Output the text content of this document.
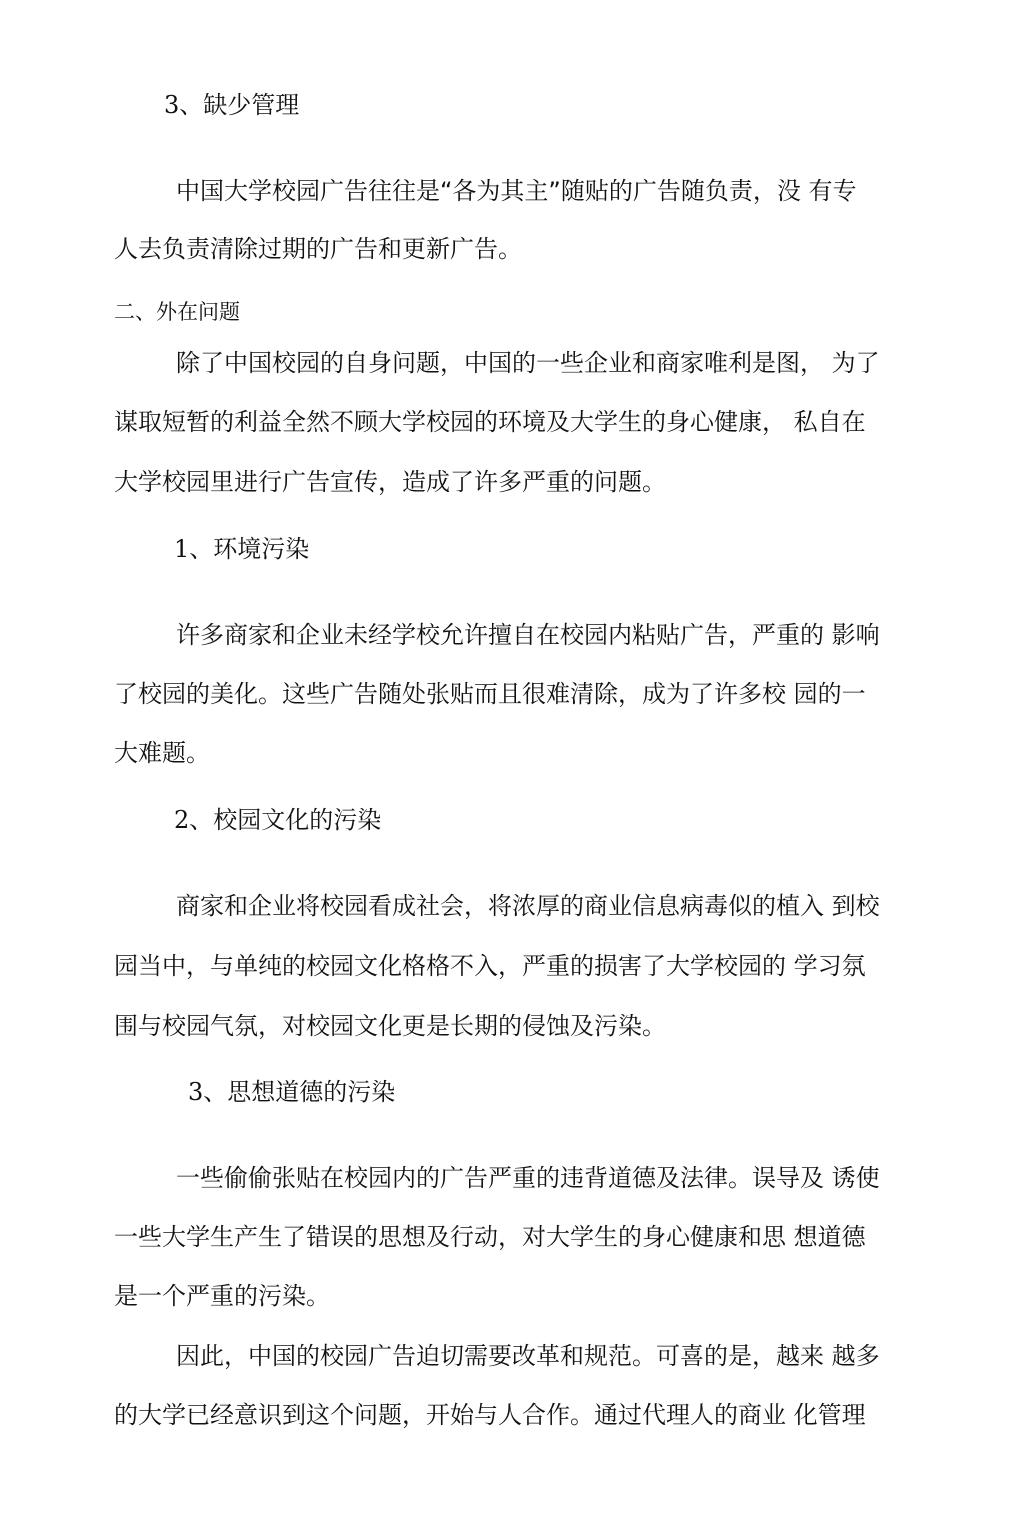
3、缺少管理

中国大学校园广告往往是“各为其主”随贴的广告随负责，没 有专

人去负责清除过期的广告和更新广告。

二、外在问题

除了中国校园的自身问题，中国的一些企业和商家唯利是图， 为了

谋取短暂的利益全然不顾大学校园的环境及大学生的身心健康， 私自在

大学校园里进行广告宣传，造成了许多严重的问题。

1、环境污染

许多商家和企业未经学校允许擅自在校园内粘贴广告，严重的 影响

了校园的美化。这些广告随处张贴而且很难清除，成为了许多校 园的一

大难题。

2、校园文化的污染

商家和企业将校园看成社会，将浓厚的商业信息病毒似的植入 到校

园当中，与单纯的校园文化格格不入，严重的损害了大学校园的 学习氛

围与校园气氛，对校园文化更是长期的侵蚀及污染。

3、思想道德的污染

一些偷偷张贴在校园内的广告严重的违背道德及法律。误导及 诱使

一些大学生产生了错误的思想及行动，对大学生的身心健康和思 想道德

是一个严重的污染。

因此，中国的校园广告迫切需要改革和规范。可喜的是，越来 越多

的大学已经意识到这个问题，开始与人合作。通过代理人的商业 化管理
